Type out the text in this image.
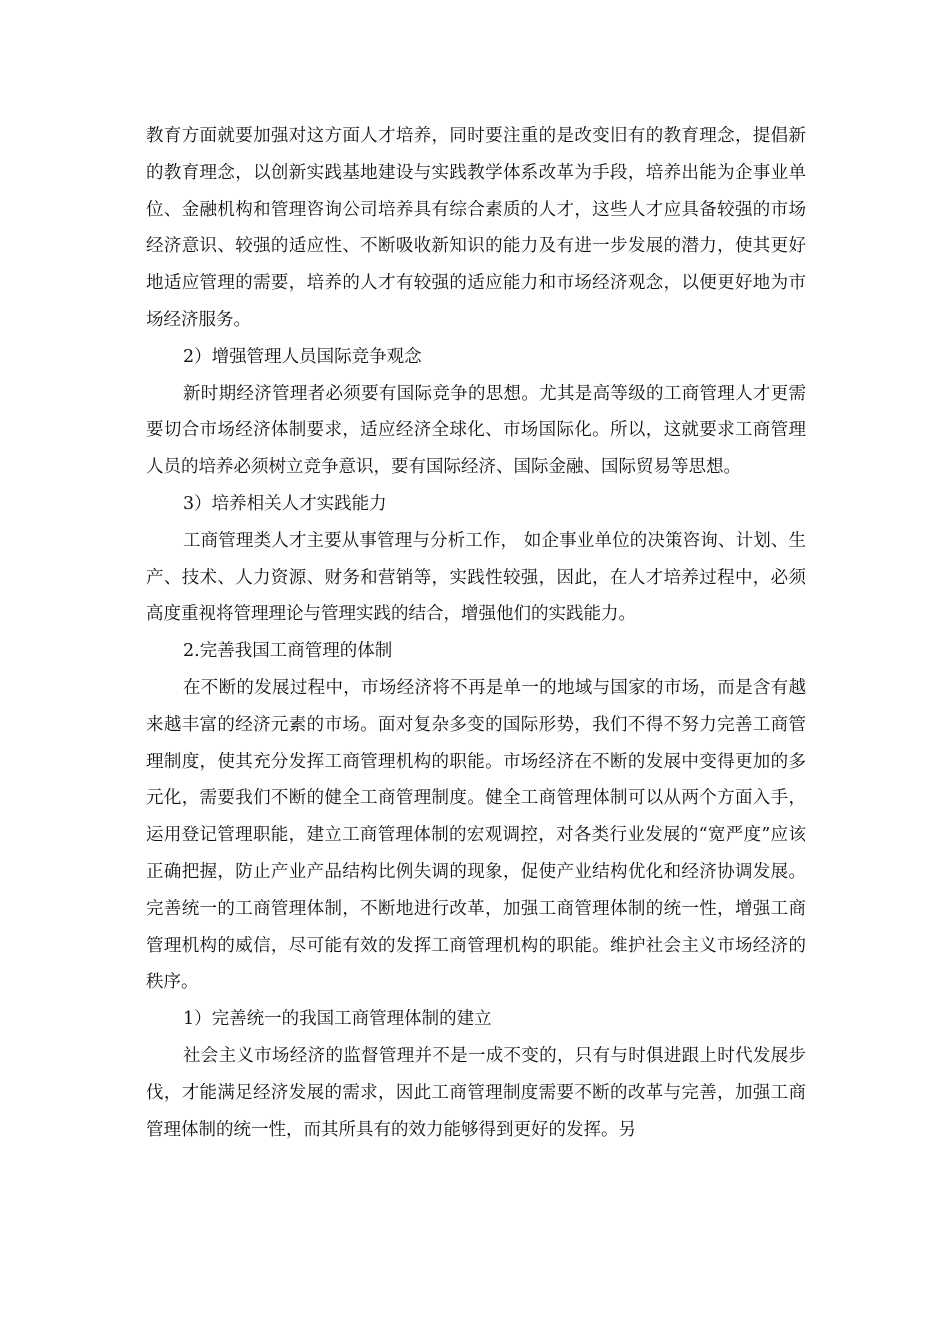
教育方面就要加强对这方面人才培养，同时要注重的是改变旧有的教育理念，提倡新的教育理念，以创新实践基地建设与实践教学体系改革为手段，培养出能为企事业单位、金融机构和管理咨询公司培养具有综合素质的人才，这些人才应具备较强的市场经济意识、较强的适应性、不断吸收新知识的能力及有进一步发展的潜力，使其更好地适应管理的需要，培养的人才有较强的适应能力和市场经济观念，以便更好地为市场经济服务。

2）增强管理人员国际竞争观念

新时期经济管理者必须要有国际竞争的思想。尤其是高等级的工商管理人才更需要切合市场经济体制要求，适应经济全球化、市场国际化。所以，这就要求工商管理人员的培养必须树立竞争意识，要有国际经济、国际金融、国际贸易等思想。

3）培养相关人才实践能力

工商管理类人才主要从事管理与分析工作， 如企事业单位的决策咨询、计划、生产、技术、人力资源、财务和营销等，实践性较强，因此，在人才培养过程中，必须高度重视将管理理论与管理实践的结合，增强他们的实践能力。

2.完善我国工商管理的体制

在不断的发展过程中，市场经济将不再是单一的地域与国家的市场，而是含有越来越丰富的经济元素的市场。面对复杂多变的国际形势，我们不得不努力完善工商管理制度，使其充分发挥工商管理机构的职能。市场经济在不断的发展中变得更加的多元化，需要我们不断的健全工商管理制度。健全工商管理体制可以从两个方面入手，运用登记管理职能，建立工商管理体制的宏观调控，对各类行业发展的“宽严度”应该正确把握，防止产业产品结构比例失调的现象，促使产业结构优化和经济协调发展。完善统一的工商管理体制，不断地进行改革，加强工商管理体制的统一性，增强工商管理机构的威信，尽可能有效的发挥工商管理机构的职能。维护社会主义市场经济的秩序。

1）完善统一的我国工商管理体制的建立

社会主义市场经济的监督管理并不是一成不变的，只有与时俱进跟上时代发展步伐，才能满足经济发展的需求，因此工商管理制度需要不断的改革与完善，加强工商管理体制的统一性，而其所具有的效力能够得到更好的发挥。另
